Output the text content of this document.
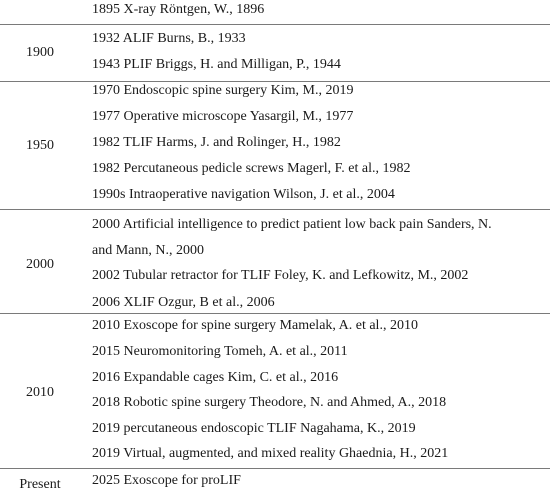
1895 X-ray Röntgen, W., 1896
1900
1932 ALIF Burns, B., 1933
1943 PLIF Briggs, H. and Milligan, P., 1944
1950
1970 Endoscopic spine surgery Kim, M., 2019
1977 Operative microscope Yasargil, M., 1977
1982 TLIF Harms, J. and Rolinger, H., 1982
1982 Percutaneous pedicle screws Magerl, F. et al., 1982
1990s Intraoperative navigation Wilson, J. et al., 2004
2000
2000 Artificial intelligence to predict patient low back pain Sanders, N.
and Mann, N., 2000
2002 Tubular retractor for TLIF Foley, K. and Lefkowitz, M., 2002
2006 XLIF Ozgur, B et al., 2006
2010
2010 Exoscope for spine surgery Mamelak, A. et al., 2010
2015 Neuromonitoring Tomeh, A. et al., 2011
2016 Expandable cages Kim, C. et al., 2016
2018 Robotic spine surgery Theodore, N. and Ahmed, A., 2018
2019 percutaneous endoscopic TLIF Nagahama, K., 2019
2019 Virtual, augmented, and mixed reality Ghaednia, H., 2021
Present	2025 Exoscope for proLIF
